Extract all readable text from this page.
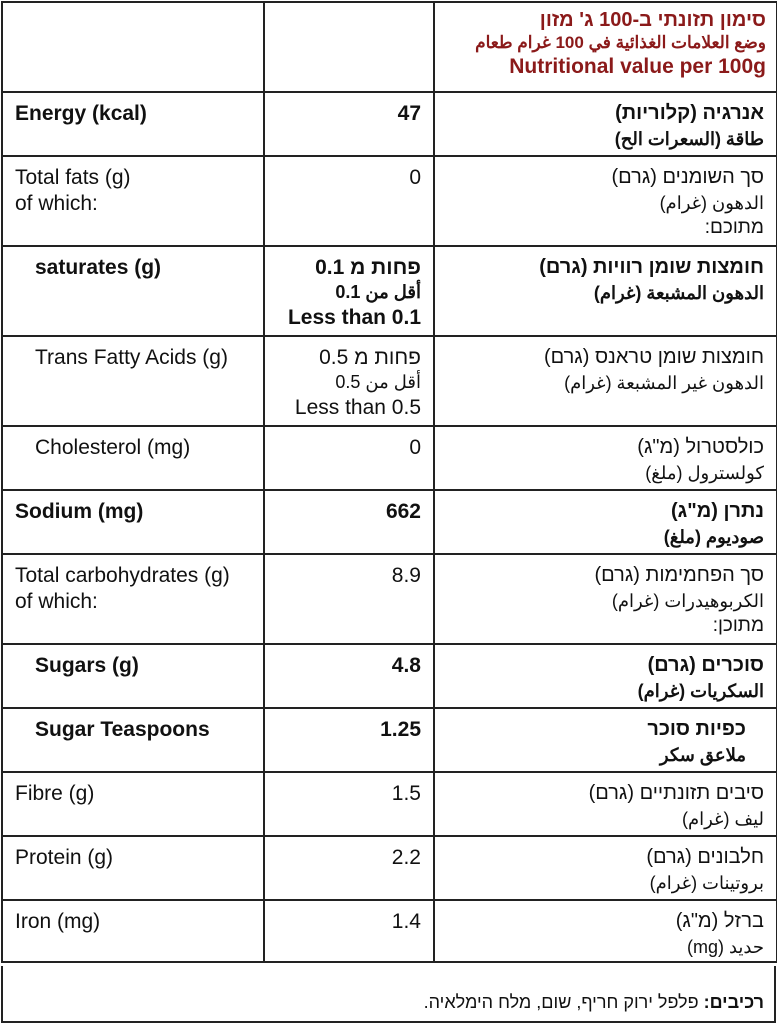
		סימון תזונתי ב-100 ג' מזון
وضع العلامات الغذائية في 100 غرام طعام
Nutritional value per 100g

Energy (kcal)	47	אנרגיה (קלוריות)
طاقة (السعرات الح)

Total fats (g)
of which:	0	סך השומנים (גרם)
الدهون (غرام)
מתוכם:

saturates (g)	פחות מ 0.1
أقل من 0.1
Less than 0.1	חומצות שומן רוויות (גרם)
الدهون المشبعة (غرام)

Trans Fatty Acids (g)	פחות מ 0.5
أقل من 0.5
Less than 0.5	חומצות שומן טראנס (גרם)
الدهون غير المشبعة (غرام)

Cholesterol (mg)	0	כולסטרול (מ"ג)
كولسترول (ملغ)

Sodium (mg)	662	נתרן (מ"ג)
صوديوم (ملغ)

Total carbohydrates (g)
of which:	8.9	סך הפחמימות (גרם)
الكربوهيدرات (غرام)
מתוכן:

Sugars (g)	4.8	סוכרים (גרם)
السكريات (غرام)

Sugar Teaspoons	1.25	כפיות סוכר
ملاعق سكر

Fibre (g)	1.5	סיבים תזונתיים (גרם)
ليف (غرام)

Protein (g)	2.2	חלבונים (גרם)
بروتينات (غرام)

Iron (mg)	1.4	ברזל (מ"ג)
حديد (mg)
רכיבים: פלפל ירוק חריף, שום, מלח הימלאיה.
